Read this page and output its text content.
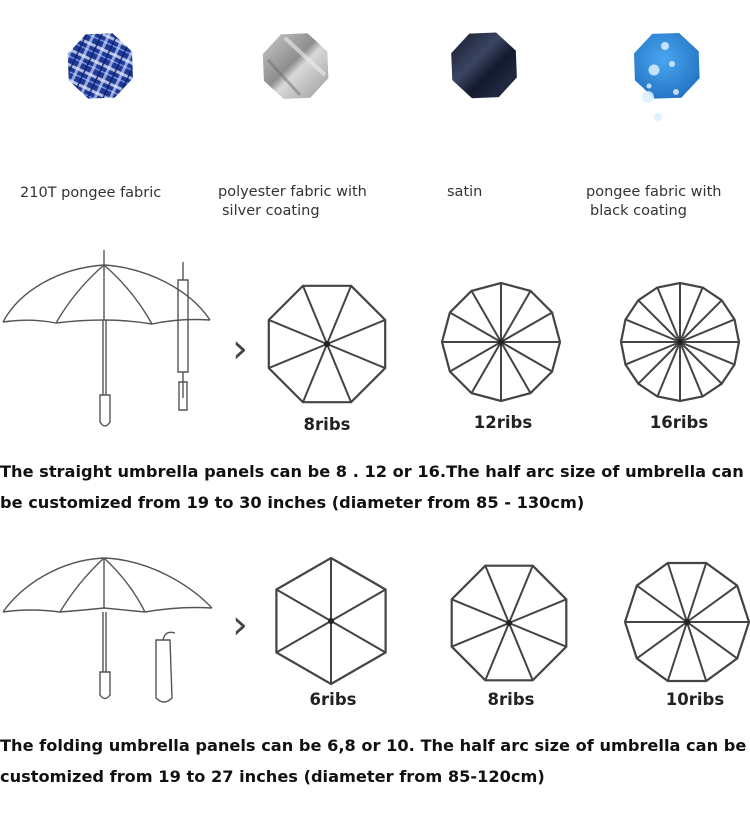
210T pongee fabric	polyester fabric with
silver coating
satin	pongee fabric with
black coating
›
›
8ribs	12ribs	16ribs
6ribs	8ribs	10ribs
The straight umbrella panels can be 8 . 12 or 16.The half arc size of umbrella can
be customized from 19 to 30 inches (diameter from 85 - 130cm)
The folding umbrella panels can be 6,8 or 10. The half arc size of umbrella can be
customized from 19 to 27 inches (diameter from 85-120cm)
